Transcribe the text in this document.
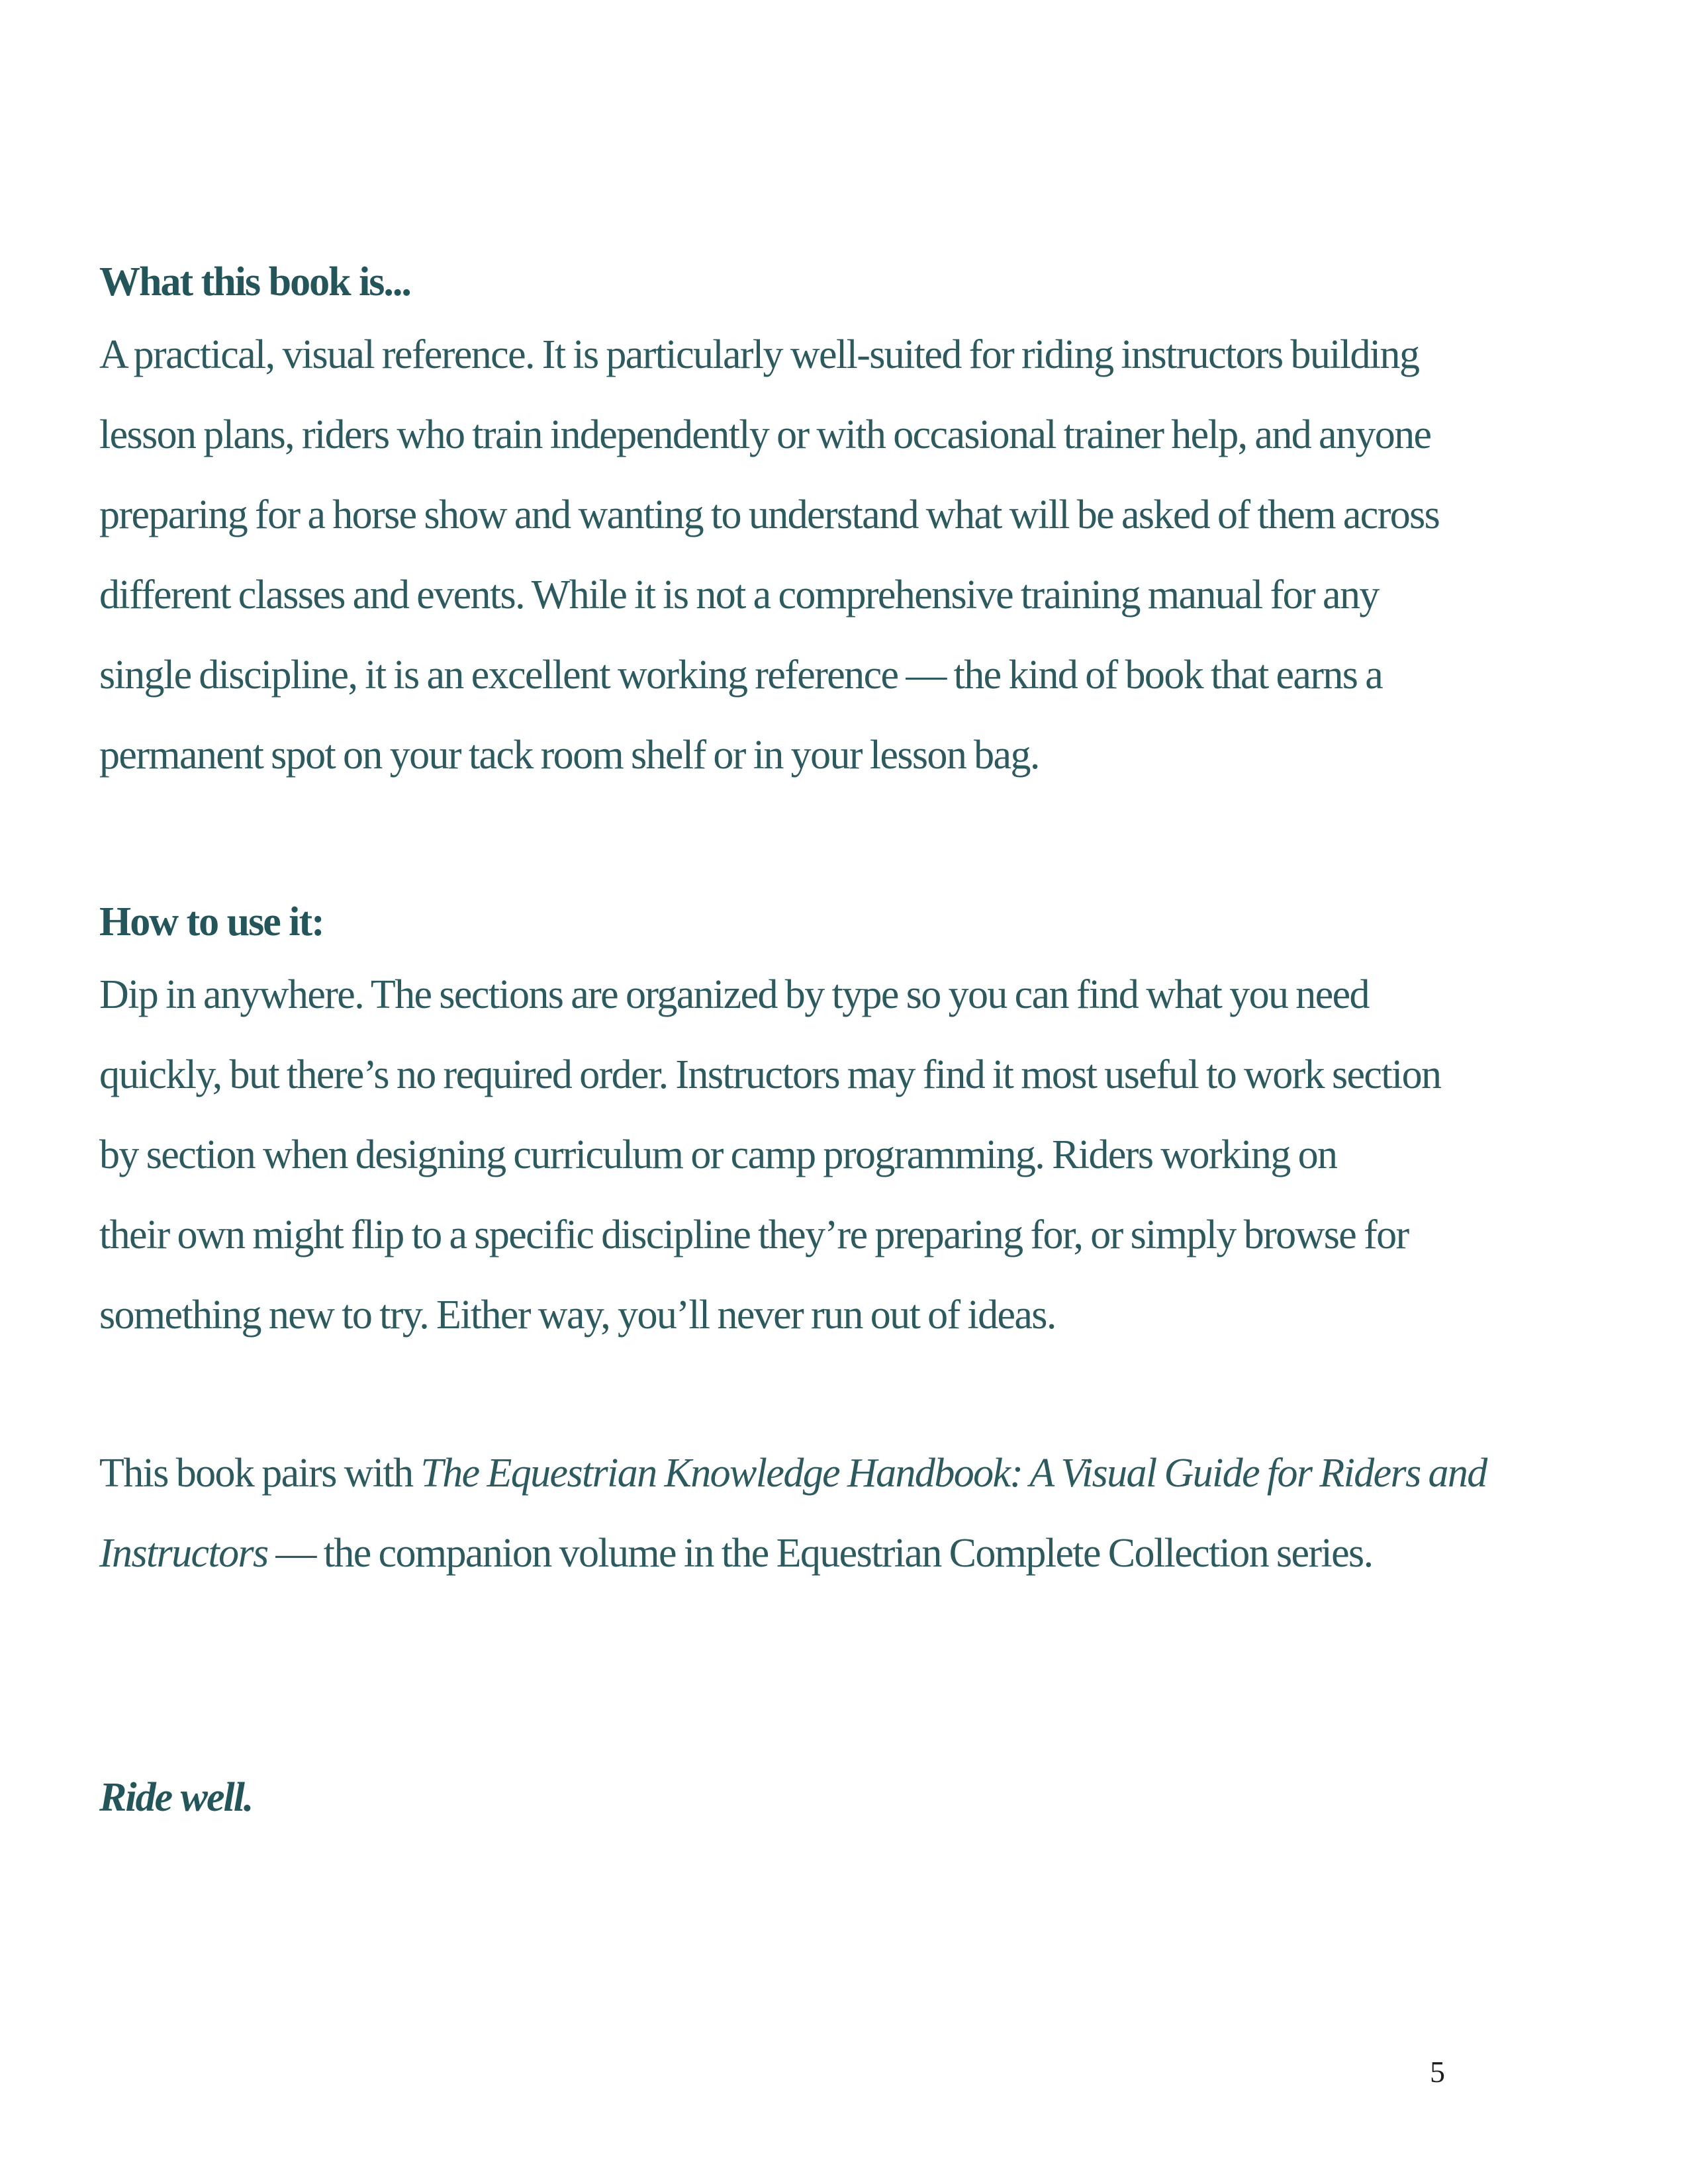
What this book is...

A practical, visual reference. It is particularly well-suited for riding instructors building
lesson plans, riders who train independently or with occasional trainer help, and anyone
preparing for a horse show and wanting to understand what will be asked of them across
different classes and events. While it is not a comprehensive training manual for any
single discipline, it is an excellent working reference — the kind of book that earns a
permanent spot on your tack room shelf or in your lesson bag.

How to use it:

Dip in anywhere. The sections are organized by type so you can find what you need
quickly, but there’s no required order. Instructors may find it most useful to work section
by section when designing curriculum or camp programming. Riders working on
their own might flip to a specific discipline they’re preparing for, or simply browse for
something new to try. Either way, you’ll never run out of ideas.

This book pairs with The Equestrian Knowledge Handbook: A Visual Guide for Riders and
Instructors — the companion volume in the Equestrian Complete Collection series.

Ride well.
5
